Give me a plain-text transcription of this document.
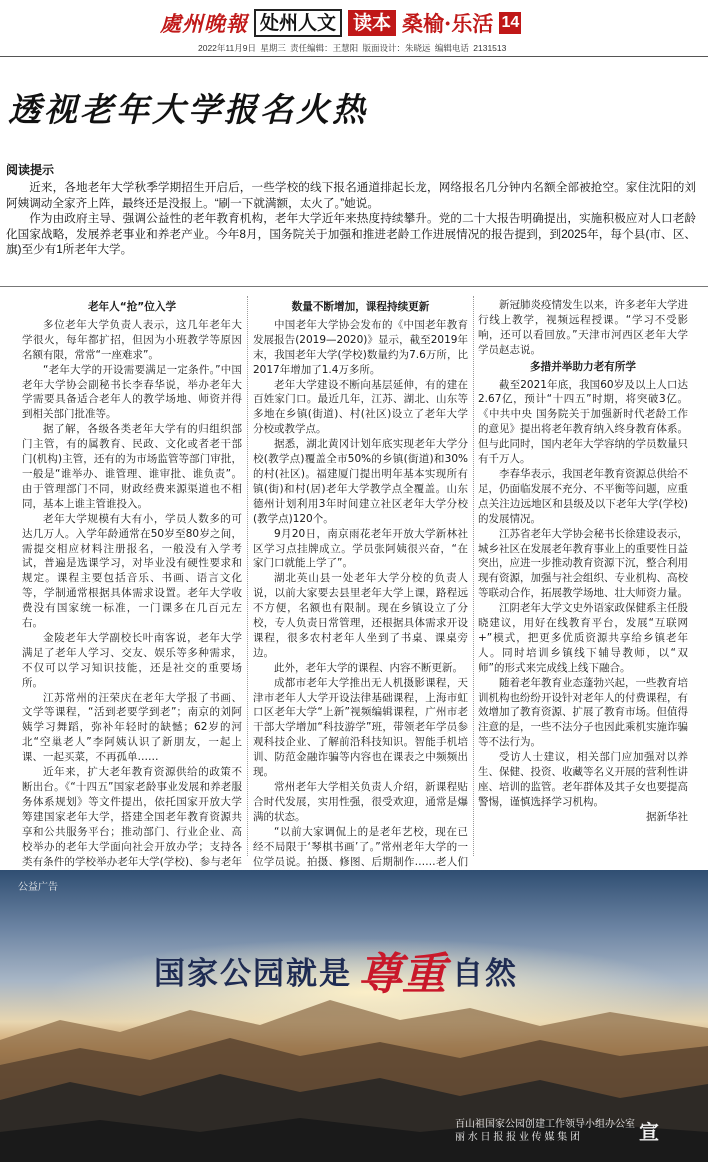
處州晚報 处州人文 读本 桑榆·乐活 14
2022年11月9日 星期三 责任编辑：王慧阳 版面设计：朱晓远 编辑电话 2131513
透视老年大学报名火热
阅读提示

近来，各地老年大学秋季学期招生开启后，一些学校的线下报名通道排起长龙，网络报名几分钟内名额全部被抢空。家住沈阳的刘阿姨调动全家齐上阵，最终还是没报上。“刷一下就满额，太火了。”她说。

作为由政府主导、强调公益性的老年教育机构，老年大学近年来热度持续攀升。党的二十大报告明确提出，实施积极应对人口老龄化国家战略，发展养老事业和养老产业。今年8月，国务院关于加强和推进老龄工作进展情况的报告提到，到2025年，每个县(市、区、旗)至少有1所老年大学。

老年人“抢”位入学

多位老年大学负责人表示，这几年老年大学很火，每年都扩招，但因为小班教学等原因名额有限，常常“一座难求”。

“老年大学的开设需要满足一定条件。”中国老年大学协会副秘书长李春华说，举办老年大学需要具备适合老年人的教学场地、师资并得到相关部门批准等。

据了解，各级各类老年大学有的归组织部门主管，有的属教育、民政、文化或者老干部门(机构)主管，还有的为市场监管等部门审批，一般是“谁举办、谁管理、谁审批、谁负责”。由于管理部门不同，财政经费来源渠道也不相同，基本上谁主管谁投入。

老年大学规模有大有小，学员人数多的可达几万人。入学年龄通常在50岁至80岁之间，需提交相应材料注册报名，一般没有入学考试，普遍是选课学习，对毕业没有硬性要求和规定。课程主要包括音乐、书画、语言文化等，学制通常根据具体需求设置。老年大学收费没有国家统一标准，一门课多在几百元左右。

金陵老年大学副校长叶南客说，老年大学满足了老年人学习、交友、娱乐等多种需求，不仅可以学习知识技能，还是社交的重要场所。

江苏常州的汪荣庆在老年大学报了书画、文学等课程，“活到老要学到老”；南京的刘阿姨学习舞蹈，弥补年轻时的缺憾；62岁的河北“空巢老人”李阿姨认识了新朋友，一起上课、一起买菜，不再孤单……

近年来，扩大老年教育资源供给的政策不断出台。《“十四五”国家老龄事业发展和养老服务体系规划》等文件提出，依托国家开放大学筹建国家老年大学，搭建全国老年教育资源共享和公共服务平台；推动部门、行业企业、高校举办的老年大学面向社会开放办学；支持各类有条件的学校举办老年大学(学校)、参与老年

数量不断增加，课程持续更新

中国老年大学协会发布的《中国老年教育发展报告(2019—2020)》显示，截至2019年末，我国老年大学(学校)数量约为7.6万所，比2017年增加了1.4万多所。

老年大学建设不断向基层延伸，有的建在百姓家门口。最近几年，江苏、湖北、山东等多地在乡镇(街道)、村(社区)设立了老年大学分校或教学点。

据悉，湖北黄冈计划年底实现老年大学分校(教学点)覆盖全市50%的乡镇(街道)和30%的村(社区)。福建厦门提出明年基本实现所有镇(街)和村(居)老年大学教学点全覆盖。山东德州计划利用3年时间建立社区老年大学分校(教学点)120个。

9月20日，南京雨花老年开放大学新林社区学习点挂牌成立。学员张阿姨很兴奋，“在家门口就能上学了”。

湖北英山县一处老年大学分校的负责人说，以前大家要去县里老年大学上课，路程远不方便，名额也有限制。现在乡镇设立了分校，专人负责日常管理，还根据具体需求开设课程，很多农村老年人坐到了书桌、课桌旁边。

此外，老年大学的课程、内容不断更新。

成都市老年大学推出无人机摄影课程，天津市老年人大学开设法律基础课程，上海市虹口区老年大学“上新”视频编辑课程，广州市老干部大学增加“科技游学”班，带领老年学员参观科技企业、了解前沿科技知识。智能手机培训、防范金融诈骗等内容也在课表之中频频出现。

常州老年大学相关负责人介绍，新课程贴合时代发展，实用性强，很受欢迎，通常是爆满的状态。

“以前大家调侃上的是老年艺校，现在已经不局限于‘琴棋书画’了。”常州老年大学的一位学员说。拍摄、修图、后期制作……老人们

新冠肺炎疫情发生以来，许多老年大学进行线上教学，视频远程授课。“学习不受影响，还可以看回放。”天津市河西区老年大学学员赵志说。

多措并举助力老有所学

截至2021年底，我国60岁及以上人口达2.67亿，预计“十四五”时期，将突破3亿。《中共中央 国务院关于加强新时代老龄工作的意见》提出将老年教育纳入终身教育体系。但与此同时，国内老年大学容纳的学员数量只有千万人。

李春华表示，我国老年教育资源总供给不足，仍面临发展不充分、不平衡等问题，应重点关注边远地区和县级及以下老年大学(学校)的发展情况。

江苏省老年大学协会秘书长徐建设表示，城乡社区在发展老年教育事业上的重要性日益突出，应进一步推动教育资源下沉，整合利用现有资源，加强与社会组织、专业机构、高校等联动合作，拓展教学场地、壮大师资力量。

江阴老年大学文史外语家政保健系主任殷晓建议，用好在线教育平台，发展“互联网+”模式，把更多优质资源共享给乡镇老年人。同时培训乡镇线下辅导教师，以“双师”的形式来完成线上线下融合。

随着老年教育业态蓬勃兴起，一些教育培训机构也纷纷开设针对老年人的付费课程，有效增加了教育资源、扩展了教育市场。但值得注意的是，一些不法分子也因此乘机实施诈骗等不法行为。

受访人士建议，相关部门应加强对以养生、保健、投资、收藏等名义开展的营利性讲座、培训的监管。老年群体及其子女也要提高警惕，谨慎选择学习机构。

据新华社

公益广告
国家公园就是 尊重 自然
百山祖国家公园创建工作领导小组办公室
丽 水 日 报 报 业 传 媒 集 团	宣
